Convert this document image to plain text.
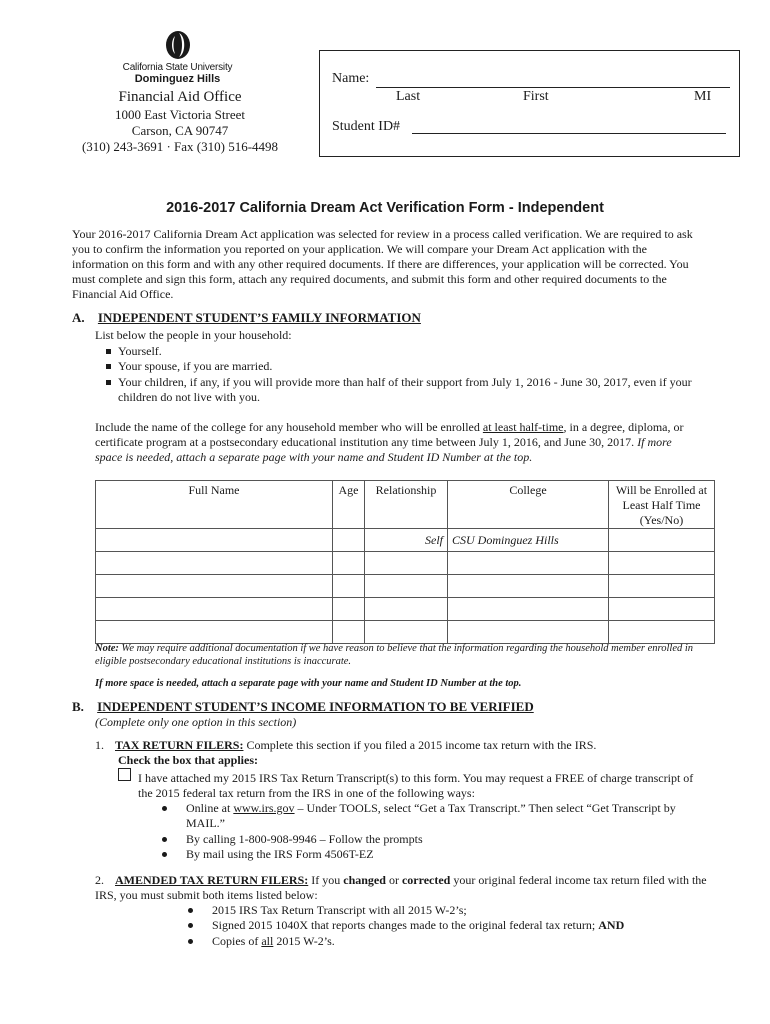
California State University
Dominguez Hills
Financial Aid Office
1000 East Victoria Street
Carson, CA 90747
(310) 243-3691 · Fax (310) 516-4498
Name:
Last	First	MI
Student ID#
2016-2017 California Dream Act Verification Form - Independent
Your 2016-2017 California Dream Act application was selected for review in a process called verification. We are required to ask you to confirm the information you reported on your application. We will compare your Dream Act application with the information on this form and with any other required documents. If there are differences, your application will be corrected. You must complete and sign this form, attach any required documents, and submit this form and other required documents to the Financial Aid Office.
A. INDEPENDENT STUDENT’S FAMILY INFORMATION
List below the people in your household:
Yourself.
Your spouse, if you are married.
Your children, if any, if you will provide more than half of their support from July 1, 2016 - June 30, 2017, even if your children do not live with you.
Include the name of the college for any household member who will be enrolled at least half-time, in a degree, diploma, or certificate program at a postsecondary educational institution any time between July 1, 2016, and June 30, 2017. If more space is needed, attach a separate page with your name and Student ID Number at the top.
Full Name	Age	Relationship	College	Will be Enrolled at Least Half Time (Yes/No)
		Self	CSU Dominguez Hills	

Note: We may require additional documentation if we have reason to believe that the information regarding the household member enrolled in eligible postsecondary educational institutions is inaccurate.
If more space is needed, attach a separate page with your name and Student ID Number at the top.
B. INDEPENDENT STUDENT’S INCOME INFORMATION TO BE VERIFIED
(Complete only one option in this section)
1. TAX RETURN FILERS: Complete this section if you filed a 2015 income tax return with the IRS.
Check the box that applies:
I have attached my 2015 IRS Tax Return Transcript(s) to this form. You may request a FREE of charge transcript of the 2015 federal tax return from the IRS in one of the following ways:
Online at www.irs.gov – Under TOOLS, select “Get a Tax Transcript.” Then select “Get Transcript by MAIL.”
By calling 1-800-908-9946 – Follow the prompts
By mail using the IRS Form 4506T-EZ
2. AMENDED TAX RETURN FILERS: If you changed or corrected your original federal income tax return filed with the IRS, you must submit both items listed below:
2015 IRS Tax Return Transcript with all 2015 W-2’s;
Signed 2015 1040X that reports changes made to the original federal tax return; AND
Copies of all 2015 W-2’s.
